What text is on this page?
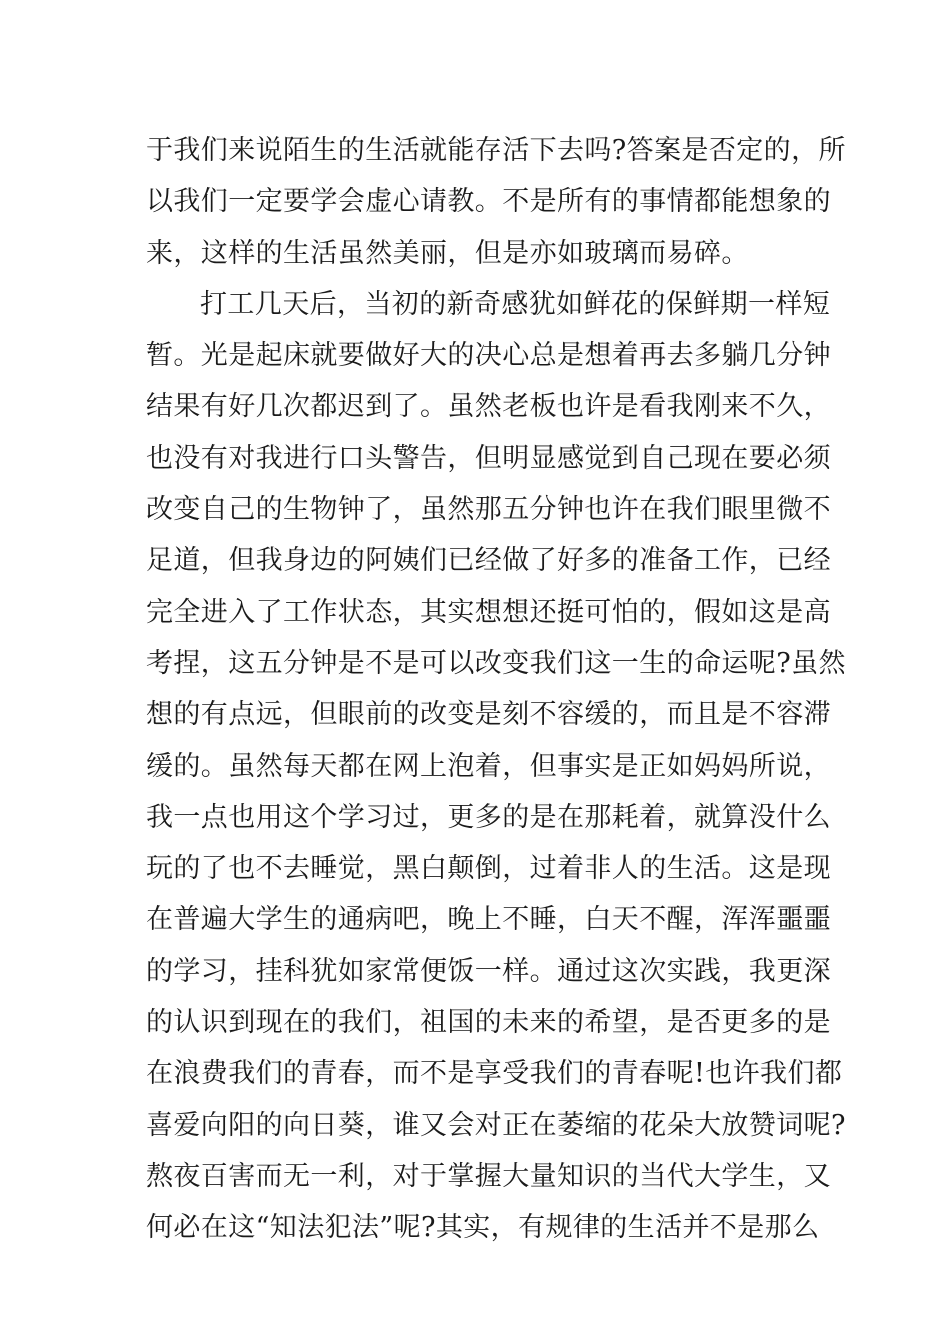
于我们来说陌生的生活就能存活下去吗?答案是否定的，所
以我们一定要学会虚心请教。不是所有的事情都能想象的
来，这样的生活虽然美丽，但是亦如玻璃而易碎。
打工几天后，当初的新奇感犹如鲜花的保鲜期一样短
暂。光是起床就要做好大的决心总是想着再去多躺几分钟
结果有好几次都迟到了。虽然老板也许是看我刚来不久，
也没有对我进行口头警告，但明显感觉到自己现在要必须
改变自己的生物钟了，虽然那五分钟也许在我们眼里微不
足道，但我身边的阿姨们已经做了好多的准备工作，已经
完全进入了工作状态，其实想想还挺可怕的，假如这是高
考捏，这五分钟是不是可以改变我们这一生的命运呢?虽然
想的有点远，但眼前的改变是刻不容缓的，而且是不容滞
缓的。虽然每天都在网上泡着，但事实是正如妈妈所说，
我一点也用这个学习过，更多的是在那耗着，就算没什么
玩的了也不去睡觉，黑白颠倒，过着非人的生活。这是现
在普遍大学生的通病吧，晚上不睡，白天不醒，浑浑噩噩
的学习，挂科犹如家常便饭一样。通过这次实践，我更深
的认识到现在的我们，祖国的未来的希望，是否更多的是
在浪费我们的青春，而不是享受我们的青春呢!也许我们都
喜爱向阳的向日葵，谁又会对正在萎缩的花朵大放赞词呢?
熬夜百害而无一利，对于掌握大量知识的当代大学生，又
何必在这“知法犯法”呢?其实，有规律的生活并不是那么
